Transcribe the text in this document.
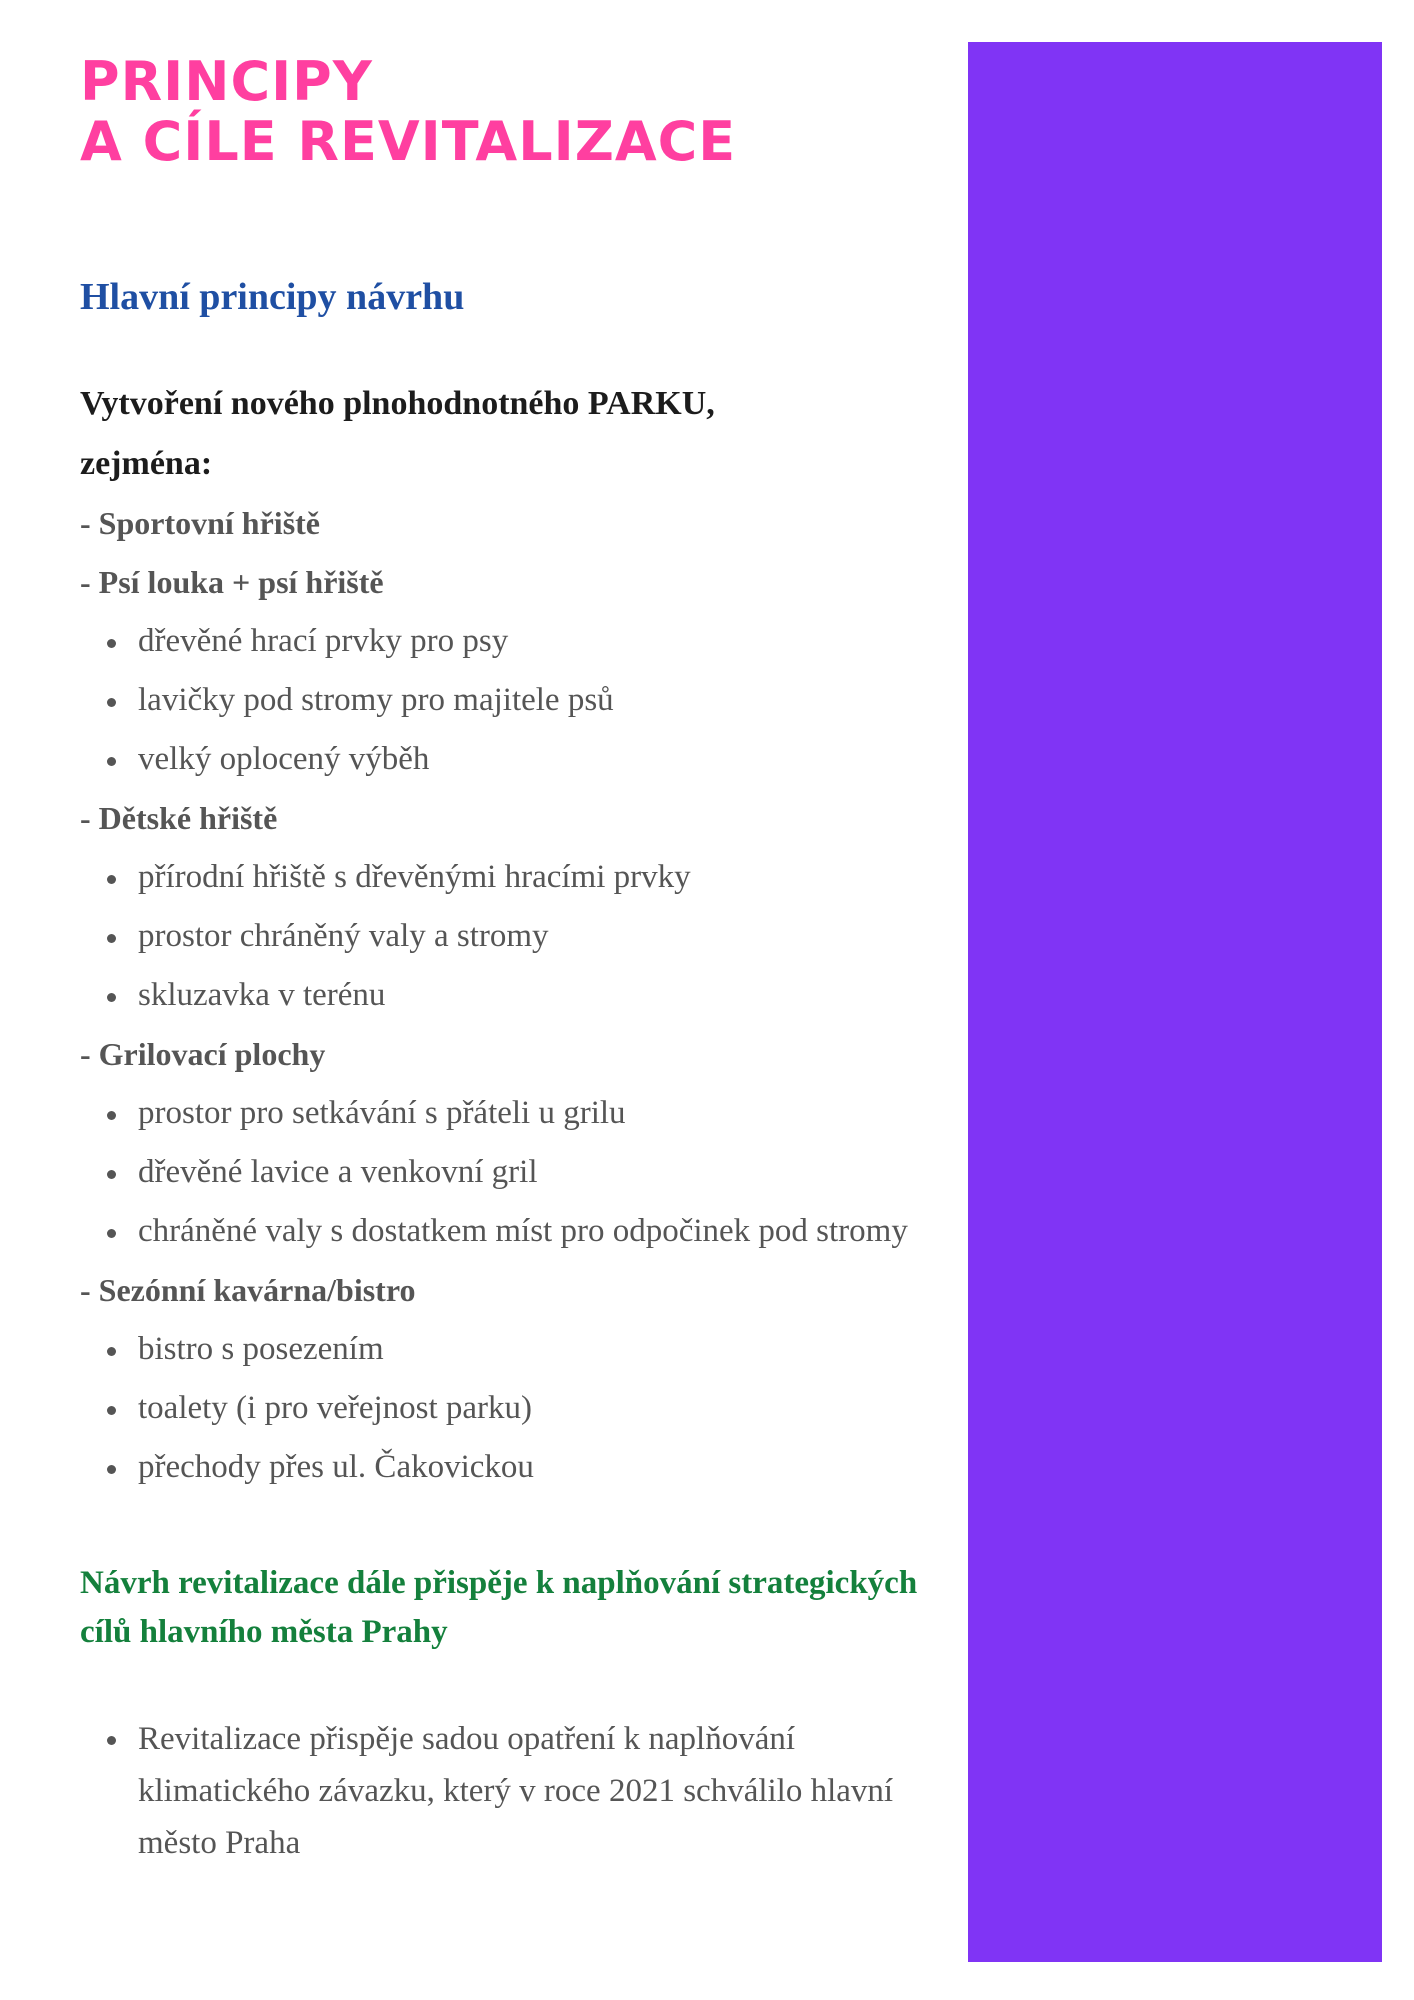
PRINCIPY
A CÍLE REVITALIZACE
Hlavní principy návrhu

Vytvoření nového plnohodnotného PARKU,
zejména:

- Sportovní hřiště
- Psí louka + psí hřiště
dřevěné hrací prvky pro psy
lavičky pod stromy pro majitele psů
velký oplocený výběh
- Dětské hřiště
přírodní hřiště s dřevěnými hracími prvky
prostor chráněný valy a stromy
skluzavka v terénu
- Grilovací plochy
prostor pro setkávání s přáteli u grilu
dřevěné lavice a venkovní gril
chráněné valy s dostatkem míst pro odpočinek pod stromy
- Sezónní kavárna/bistro
bistro s posezením
toalety (i pro veřejnost parku)
přechody přes ul. Čakovickou
Návrh revitalizace dále přispěje k naplňování strategických cílů hlavního města Prahy
Revitalizace přispěje sadou opatření k naplňování klimatického závazku, který v roce 2021 schválilo hlavní město Praha
